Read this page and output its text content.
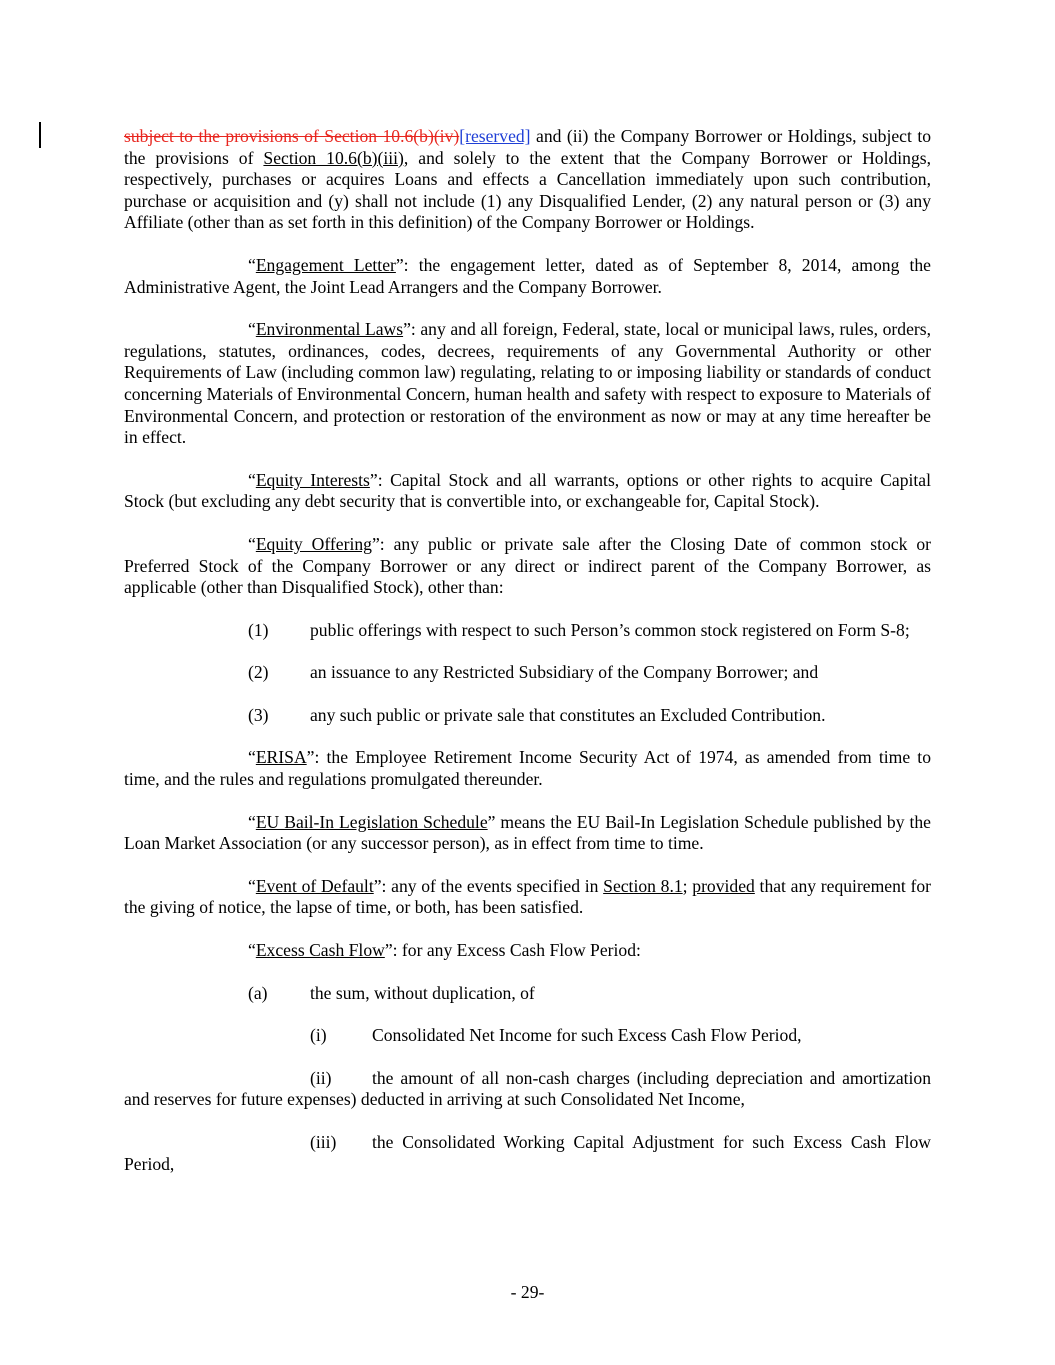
subject to the provisions of Section 10.6(b)(iv)[reserved] and (ii) the Company Borrower or Holdings, subject to the provisions of Section 10.6(b)(iii), and solely to the extent that the Company Borrower or Holdings, respectively, purchases or acquires Loans and effects a Cancellation immediately upon such contribution, purchase or acquisition and (y) shall not include (1) any Disqualified Lender, (2) any natural person or (3) any Affiliate (other than as set forth in this definition) of the Company Borrower or Holdings.

“Engagement Letter”: the engagement letter, dated as of September 8, 2014, among the Administrative Agent, the Joint Lead Arrangers and the Company Borrower.

“Environmental Laws”: any and all foreign, Federal, state, local or municipal laws, rules, orders, regulations, statutes, ordinances, codes, decrees, requirements of any Governmental Authority or other Requirements of Law (including common law) regulating, relating to or imposing liability or standards of conduct concerning Materials of Environmental Concern, human health and safety with respect to exposure to Materials of Environmental Concern, and protection or restoration of the environment as now or may at any time hereafter be in effect.

“Equity Interests”: Capital Stock and all warrants, options or other rights to acquire Capital Stock (but excluding any debt security that is convertible into, or exchangeable for, Capital Stock).

“Equity Offering”: any public or private sale after the Closing Date of common stock or Preferred Stock of the Company Borrower or any direct or indirect parent of the Company Borrower, as applicable (other than Disqualified Stock), other than:

(1) public offerings with respect to such Person’s common stock registered on Form S-8;

(2) an issuance to any Restricted Subsidiary of the Company Borrower; and

(3) any such public or private sale that constitutes an Excluded Contribution.

“ERISA”: the Employee Retirement Income Security Act of 1974, as amended from time to time, and the rules and regulations promulgated thereunder.

“EU Bail-In Legislation Schedule” means the EU Bail-In Legislation Schedule published by the Loan Market Association (or any successor person), as in effect from time to time.

“Event of Default”: any of the events specified in Section 8.1; provided that any requirement for the giving of notice, the lapse of time, or both, has been satisfied.

“Excess Cash Flow”: for any Excess Cash Flow Period:

(a) the sum, without duplication, of

(i)	Consolidated Net Income for such Excess Cash Flow Period,

(ii) the amount of all non-cash charges (including depreciation and amortization and reserves for future expenses) deducted in arriving at such Consolidated Net Income,

(iii) the Consolidated Working Capital Adjustment for such Excess Cash Flow Period,

- 29-
